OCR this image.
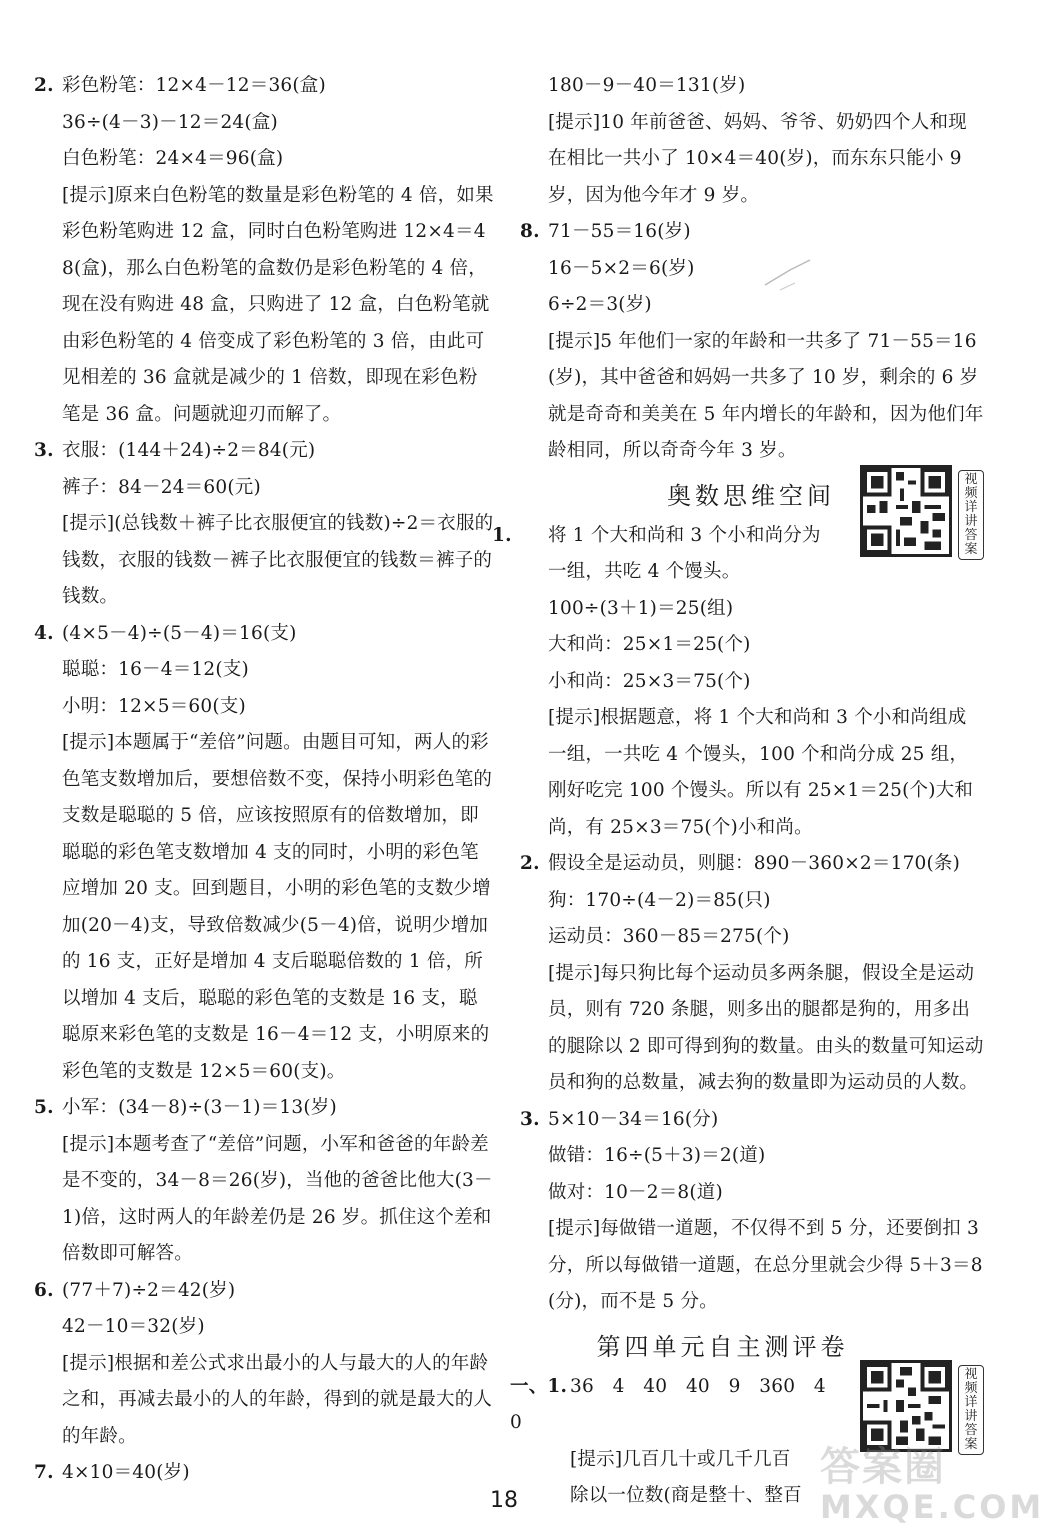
2. 彩色粉笔：12×4－12＝36(盒)

36÷(4－3)－12＝24(盒)

白色粉笔：24×4＝96(盒)

[提示]原来白色粉笔的数量是彩色粉笔的 4 倍，如果彩色粉笔购进 12 盒，同时白色粉笔购进 12×4＝48(盒)，那么白色粉笔的盒数仍是彩色粉笔的 4 倍，现在没有购进 48 盒，只购进了 12 盒，白色粉笔就由彩色粉笔的 4 倍变成了彩色粉笔的 3 倍，由此可见相差的 36 盒就是减少的 1 倍数，即现在彩色粉笔是 36 盒。问题就迎刃而解了。

3. 衣服：(144＋24)÷2＝84(元)

裤子：84－24＝60(元)

[提示](总钱数＋裤子比衣服便宜的钱数)÷2＝衣服的钱数，衣服的钱数－裤子比衣服便宜的钱数＝裤子的钱数。

4. (4×5－4)÷(5－4)＝16(支)

聪聪：16－4＝12(支)

小明：12×5＝60(支)

[提示]本题属于“差倍”问题。由题目可知，两人的彩色笔支数增加后，要想倍数不变，保持小明彩色笔的支数是聪聪的 5 倍，应该按照原有的倍数增加，即聪聪的彩色笔支数增加 4 支的同时，小明的彩色笔应增加 20 支。回到题目，小明的彩色笔的支数少增加(20－4)支，导致倍数减少(5－4)倍，说明少增加的 16 支，正好是增加 4 支后聪聪倍数的 1 倍，所以增加 4 支后，聪聪的彩色笔的支数是 16 支，聪聪原来彩色笔的支数是 16－4＝12 支，小明原来的彩色笔的支数是 12×5＝60(支)。

5. 小军：(34－8)÷(3－1)＝13(岁)

[提示]本题考查了“差倍”问题，小军和爸爸的年龄差是不变的，34－8＝26(岁)，当他的爸爸比他大(3－1)倍，这时两人的年龄差仍是 26 岁。抓住这个差和倍数即可解答。

6. (77＋7)÷2＝42(岁)

42－10＝32(岁)

[提示]根据和差公式求出最小的人与最大的人的年龄之和，再减去最小的人的年龄，得到的就是最大的人的年龄。

7. 4×10＝40(岁)

180－9－40＝131(岁)

[提示]10 年前爸爸、妈妈、爷爷、奶奶四个人和现在相比一共小了 10×4＝40(岁)，而东东只能小 9 岁，因为他今年才 9 岁。

8. 71－55＝16(岁)

16－5×2＝6(岁)

6÷2＝3(岁)

[提示]5 年他们一家的年龄和一共多了 71－55＝16(岁)，其中爸爸和妈妈一共多了 10 岁，剩余的 6 岁就是奇奇和美美在 5 年内增长的年龄和，因为他们年龄相同，所以奇奇今年 3 岁。

奥数思维空间

1. 将 1 个大和尚和 3 个小和尚分为一组，共吃 4 个馒头。

100÷(3＋1)＝25(组)

大和尚：25×1＝25(个)

小和尚：25×3＝75(个)

[提示]根据题意，将 1 个大和尚和 3 个小和尚组成一组，一共吃 4 个馒头，100 个和尚分成 25 组，刚好吃完 100 个馒头。所以有 25×1＝25(个)大和尚，有 25×3＝75(个)小和尚。

2. 假设全是运动员，则腿：890－360×2＝170(条)

狗：170÷(4－2)＝85(只)

运动员：360－85＝275(个)

[提示]每只狗比每个运动员多两条腿，假设全是运动员，则有 720 条腿，则多出的腿都是狗的，用多出的腿除以 2 即可得到狗的数量。由头的数量可知运动员和狗的总数量，减去狗的数量即为运动员的人数。

3. 5×10－34＝16(分)

做错：16÷(5＋3)＝2(道)

做对：10－2＝8(道)

[提示]每做错一道题，不仅得不到 5 分，还要倒扣 3 分，所以每做错一道题，在总分里就会少得 5＋3＝8(分)，而不是 5 分。

第四单元自主测评卷

一、1. 36　4　40　40　9　360　40

[提示]几百几十或几千几百

除以一位数(商是整十、整百

视频详讲答案
视频详讲答案
18
答案圈
MXQE.COM
